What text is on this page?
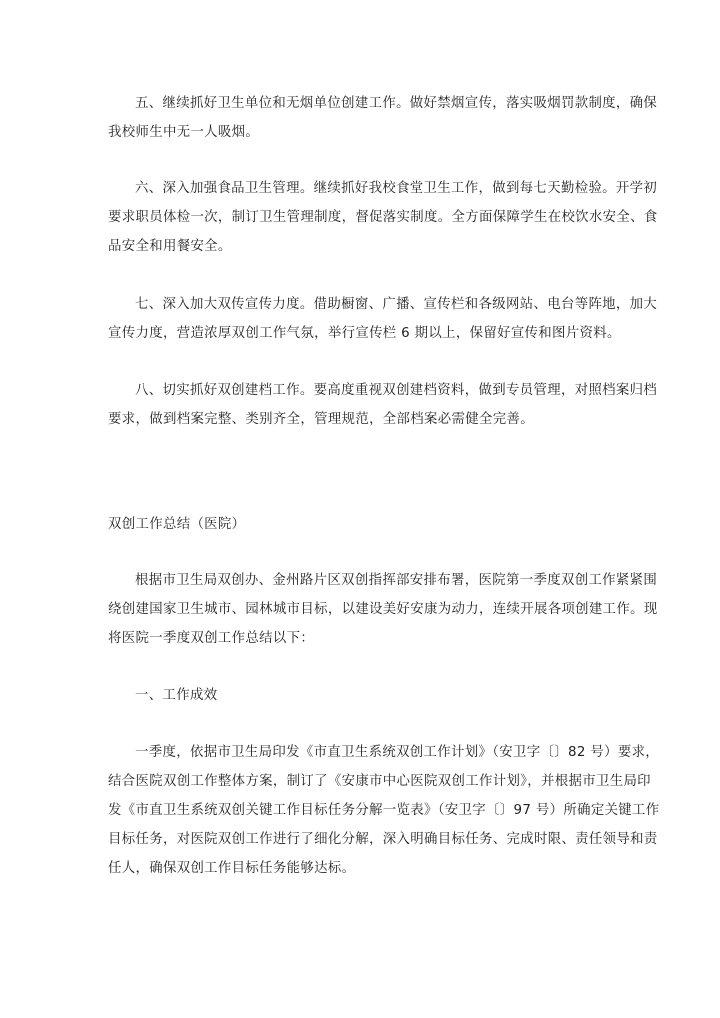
五、继续抓好卫生单位和无烟单位创建工作。做好禁烟宣传，落实吸烟罚款制度，确保
我校师生中无一人吸烟。
六、深入加强食品卫生管理。继续抓好我校食堂卫生工作，做到每七天勤检验。开学初
要求职员体检一次，制订卫生管理制度，督促落实制度。全方面保障学生在校饮水安全、食
品安全和用餐安全。
七、深入加大双传宣传力度。借助橱窗、广播、宣传栏和各级网站、电台等阵地，加大
宣传力度，营造浓厚双创工作气氛，举行宣传栏 6 期以上，保留好宣传和图片资料。
八、切实抓好双创建档工作。要高度重视双创建档资料，做到专员管理，对照档案归档
要求，做到档案完整、类别齐全，管理规范，全部档案必需健全完善。
双创工作总结（医院）
根据市卫生局双创办、金州路片区双创指挥部安排布署，医院第一季度双创工作紧紧围
绕创建国家卫生城市、园林城市目标，以建设美好安康为动力，连续开展各项创建工作。现
将医院一季度双创工作总结以下：
一、工作成效
一季度，依据市卫生局印发《市直卫生系统双创工作计划》（安卫字〔〕82 号）要求，
结合医院双创工作整体方案，制订了《安康市中心医院双创工作计划》，并根据市卫生局印
发《市直卫生系统双创关键工作目标任务分解一览表》（安卫字〔〕97 号）所确定关键工作
目标任务，对医院双创工作进行了细化分解，深入明确目标任务、完成时限、责任领导和责
任人，确保双创工作目标任务能够达标。
